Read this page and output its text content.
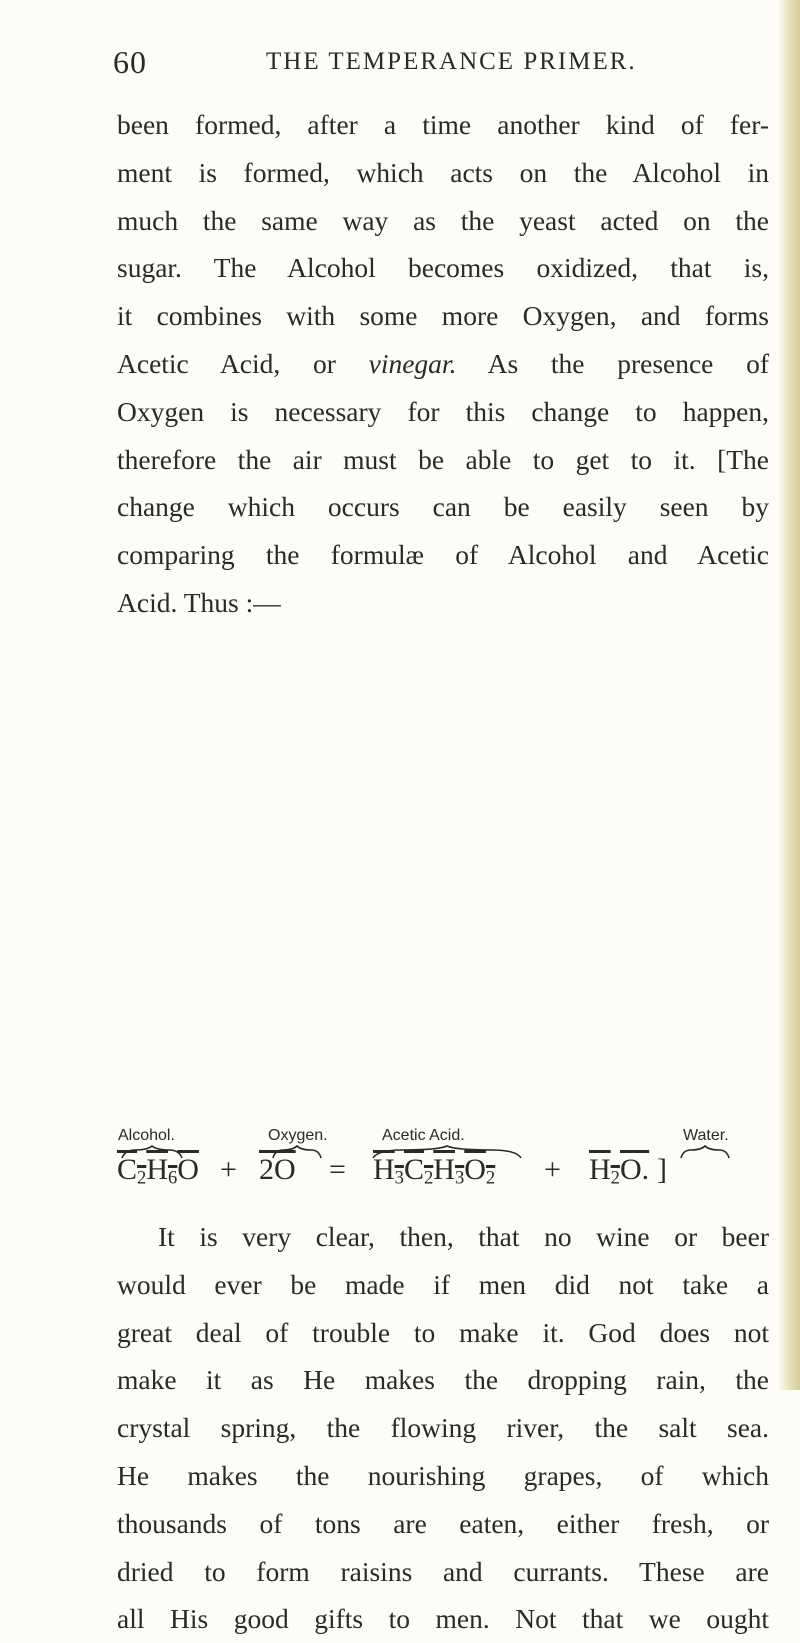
60	THE TEMPERANCE PRIMER.
been formed, after a time another kind of fer-
ment is formed, which acts on the Alcohol in
much the same way as the yeast acted on the
sugar. The Alcohol becomes oxidized, that is,
it combines with some more Oxygen, and forms
Acetic Acid, or vinegar. As the presence of
Oxygen is necessary for this change to happen,
therefore the air must be able to get to it. [The
change which occurs can be easily seen by
comparing the formulæ of Alcohol and Acetic
Acid. Thus :—
Alcohol.	Oxygen.	Acetic Acid.	Water.
$C_2H_6O + 2O = H_3C_2H_3O_2 + H_2O$. ]
It is very clear, then, that no wine or beer
would ever be made if men did not take a
great deal of trouble to make it. God does not
make it as He makes the dropping rain, the
crystal spring, the flowing river, the salt sea.
He makes the nourishing grapes, of which
thousands of tons are eaten, either fresh, or
dried to form raisins and currants. These are
all His good gifts to men. Not that we ought
